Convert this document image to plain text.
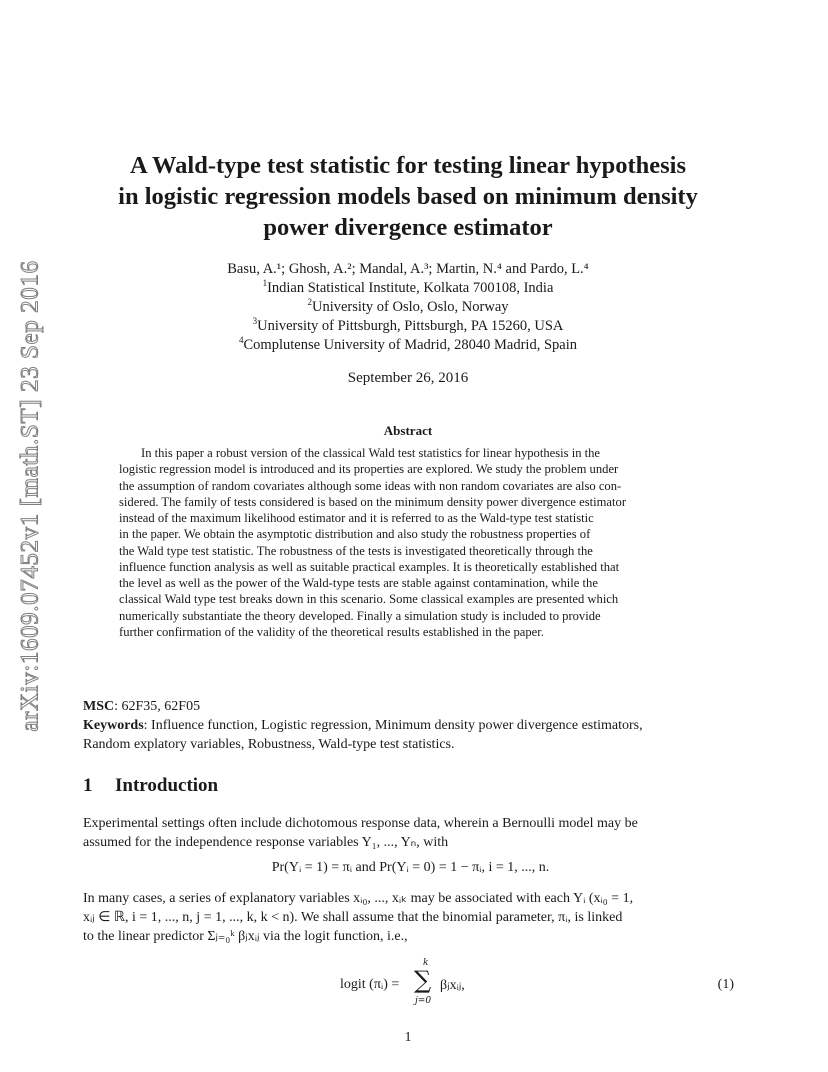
arXiv:1609.07452v1 [math.ST] 23 Sep 2016
A Wald-type test statistic for testing linear hypothesis
in logistic regression models based on minimum density
power divergence estimator
Basu, A.¹; Ghosh, A.²; Mandal, A.³; Martin, N.⁴ and Pardo, L.⁴
$^1$Indian Statistical Institute, Kolkata 700108, India
$^2$University of Oslo, Oslo, Norway
$^3$University of Pittsburgh, Pittsburgh, PA 15260, USA
$^4$Complutense University of Madrid, 28040 Madrid, Spain
September 26, 2016
Abstract
In this paper a robust version of the classical Wald test statistics for linear hypothesis in the
logistic regression model is introduced and its properties are explored. We study the problem under
the assumption of random covariates although some ideas with non random covariates are also con-
sidered. The family of tests considered is based on the minimum density power divergence estimator
instead of the maximum likelihood estimator and it is referred to as the Wald-type test statistic
in the paper. We obtain the asymptotic distribution and also study the robustness properties of
the Wald type test statistic. The robustness of the tests is investigated theoretically through the
influence function analysis as well as suitable practical examples. It is theoretically established that
the level as well as the power of the Wald-type tests are stable against contamination, while the
classical Wald type test breaks down in this scenario. Some classical examples are presented which
numerically substantiate the theory developed. Finally a simulation study is included to provide
further confirmation of the validity of the theoretical results established in the paper.
MSC: 62F35, 62F05
Keywords: Influence function, Logistic regression, Minimum density power divergence estimators,
Random explatory variables, Robustness, Wald-type test statistics.
1 Introduction
Experimental settings often include dichotomous response data, wherein a Bernoulli model may be
assumed for the independence response variables Y₁, ..., Yₙ, with
Pr(Yᵢ = 1) = πᵢ and Pr(Yᵢ = 0) = 1 − πᵢ, i = 1, ..., n.
In many cases, a series of explanatory variables xᵢ₀, ..., xᵢₖ may be associated with each Yᵢ (xᵢ₀ = 1,
xᵢⱼ ∈ ℝ, i = 1, ..., n, j = 1, ..., k, k < n). We shall assume that the binomial parameter, πᵢ, is linked
to the linear predictor Σⱼ₌₀ᵏ βⱼxᵢⱼ via the logit function, i.e.,
logit (πᵢ) =
k
∑
j=0
βⱼxᵢⱼ,	(1)
1
